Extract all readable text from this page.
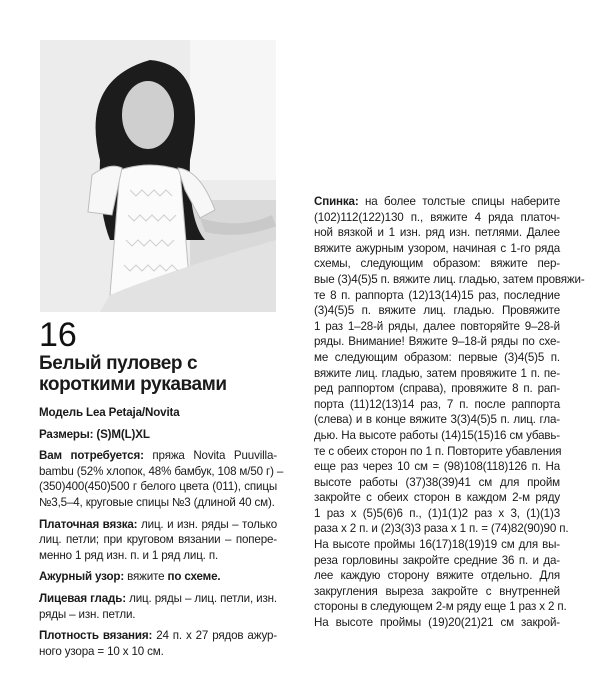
16
Белый пуловер с короткими рукавами

Модель Lea Petaja/Novita

Размеры: (S)M(L)XL

Вам потребуется: пряжа Novita Puuvilla-
bambu (52% хлопок, 48% бамбук, 108 м/50 г) –
(350)400(450)500 г белого цвета (011), спицы
№3,5–4, круговые спицы №3 (длиной 40 см).

Платочная вязка: лиц. и изн. ряды – только
лиц. петли; при круговом вязании – попере-
менно 1 ряд изн. п. и 1 ряд лиц. п.

Ажурный узор: вяжите по схеме.

Лицевая гладь: лиц. ряды – лиц. петли, изн.
ряды – изн. петли.

Плотность вязания: 24 п. х 27 рядов ажур-
ного узора = 10 х 10 см.

Спинка: на более толстые спицы наберите
(102)112(122)130 п., вяжите 4 ряда платоч-
ной вязкой и 1 изн. ряд изн. петлями. Далее
вяжите ажурным узором, начиная с 1-го ряда
схемы, следующим образом: вяжите пер-
вые (3)4(5)5 п. вяжите лиц. гладью, затем провяжи-
те 8 п. раппорта (12)13(14)15 раз, последние
(3)4(5)5 п. вяжите лиц. гладью. Провяжите
1 раз 1–28-й ряды, далее повторяйте 9–28-й
ряды. Внимание! Вяжите 9–18-й ряды по схе-
ме следующим образом: первые (3)4(5)5 п.
вяжите лиц. гладью, затем провяжите 1 п. пе-
ред раппортом (справа), провяжите 8 п. рап-
порта (11)12(13)14 раз, 7 п. после раппорта
(слева) и в конце вяжите 3(3)4(5)5 п. лиц. гла-
дью. На высоте работы (14)15(15)16 см убавь-
те с обеих сторон по 1 п. Повторите убавления
еще раз через 10 см = (98)108(118)126 п. На
высоте работы (37)38(39)41 см для пройм
закройте с обеих сторон в каждом 2-м ряду
1 раз х (5)5(6)6 п., (1)1(1)2 раз х 3, (1)(1)3
раза х 2 п. и (2)3(3)3 раза х 1 п. = (74)82(90)90 п.
На высоте проймы 16(17)18(19)19 см для вы-
реза горловины закройте средние 36 п. и да-
лее каждую сторону вяжите отдельно. Для
закругления выреза закройте с внутренней
стороны в следующем 2-м ряду еще 1 раз х 2 п.
На высоте проймы (19)20(21)21 см закрой-
